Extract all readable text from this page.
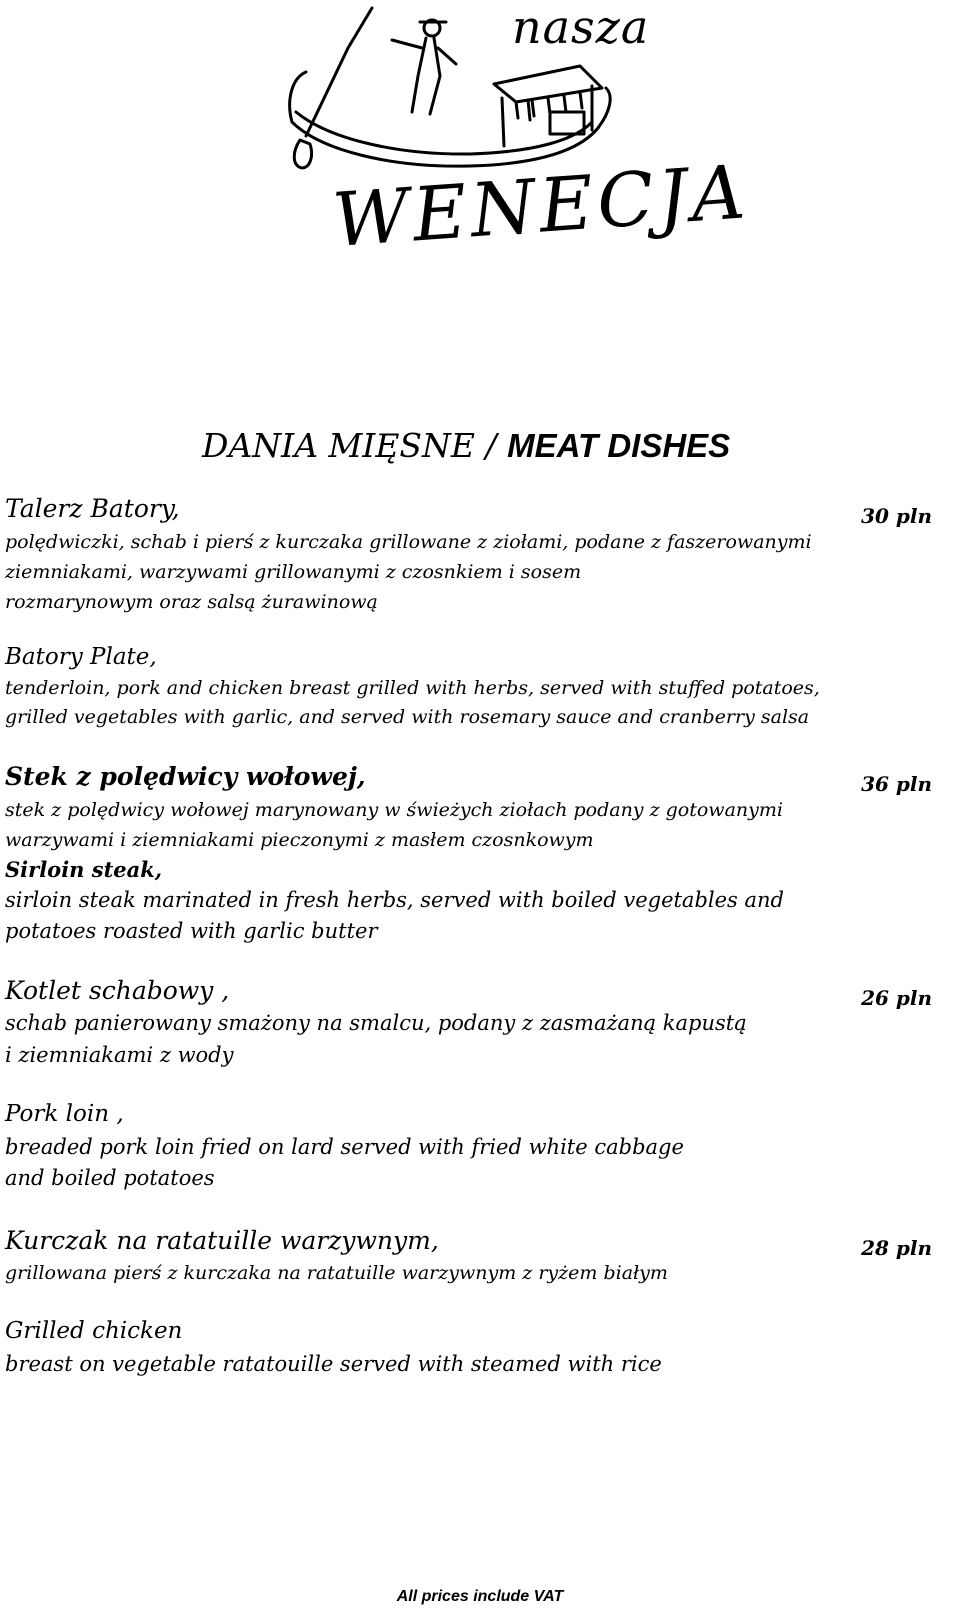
nasza
WENECJA
DANIA MIĘSNE / MEAT DISHES

Talerz Batory,

polędwiczki, schab i pierś z kurczaka grillowane z ziołami, podane z faszerowanymi

ziemniakami, warzywami grillowanymi z czosnkiem i sosem

rozmarynowym oraz salsą żurawinową

Batory Plate,

tenderloin, pork and chicken breast grilled with herbs, served with stuffed potatoes,

grilled vegetables with garlic, and served with rosemary sauce and cranberry salsa

30 pln

Stek z polędwicy wołowej,

stek z polędwicy wołowej marynowany w świeżych ziołach podany z gotowanymi

warzywami i ziemniakami pieczonymi z masłem czosnkowym

Sirloin steak,

sirloin steak marinated in fresh herbs, served with boiled vegetables and

potatoes roasted with garlic butter

36 pln

Kotlet schabowy ,

schab panierowany smażony na smalcu, podany z zasmażaną kapustą

i ziemniakami z wody

Pork loin ,

breaded pork loin fried on lard served with fried white cabbage

and boiled potatoes

26 pln

Kurczak na ratatuille warzywnym,

grillowana pierś z kurczaka na ratatuille warzywnym z ryżem białym

Grilled chicken

breast on vegetable ratatouille served with steamed with rice

28 pln

All prices include VAT
